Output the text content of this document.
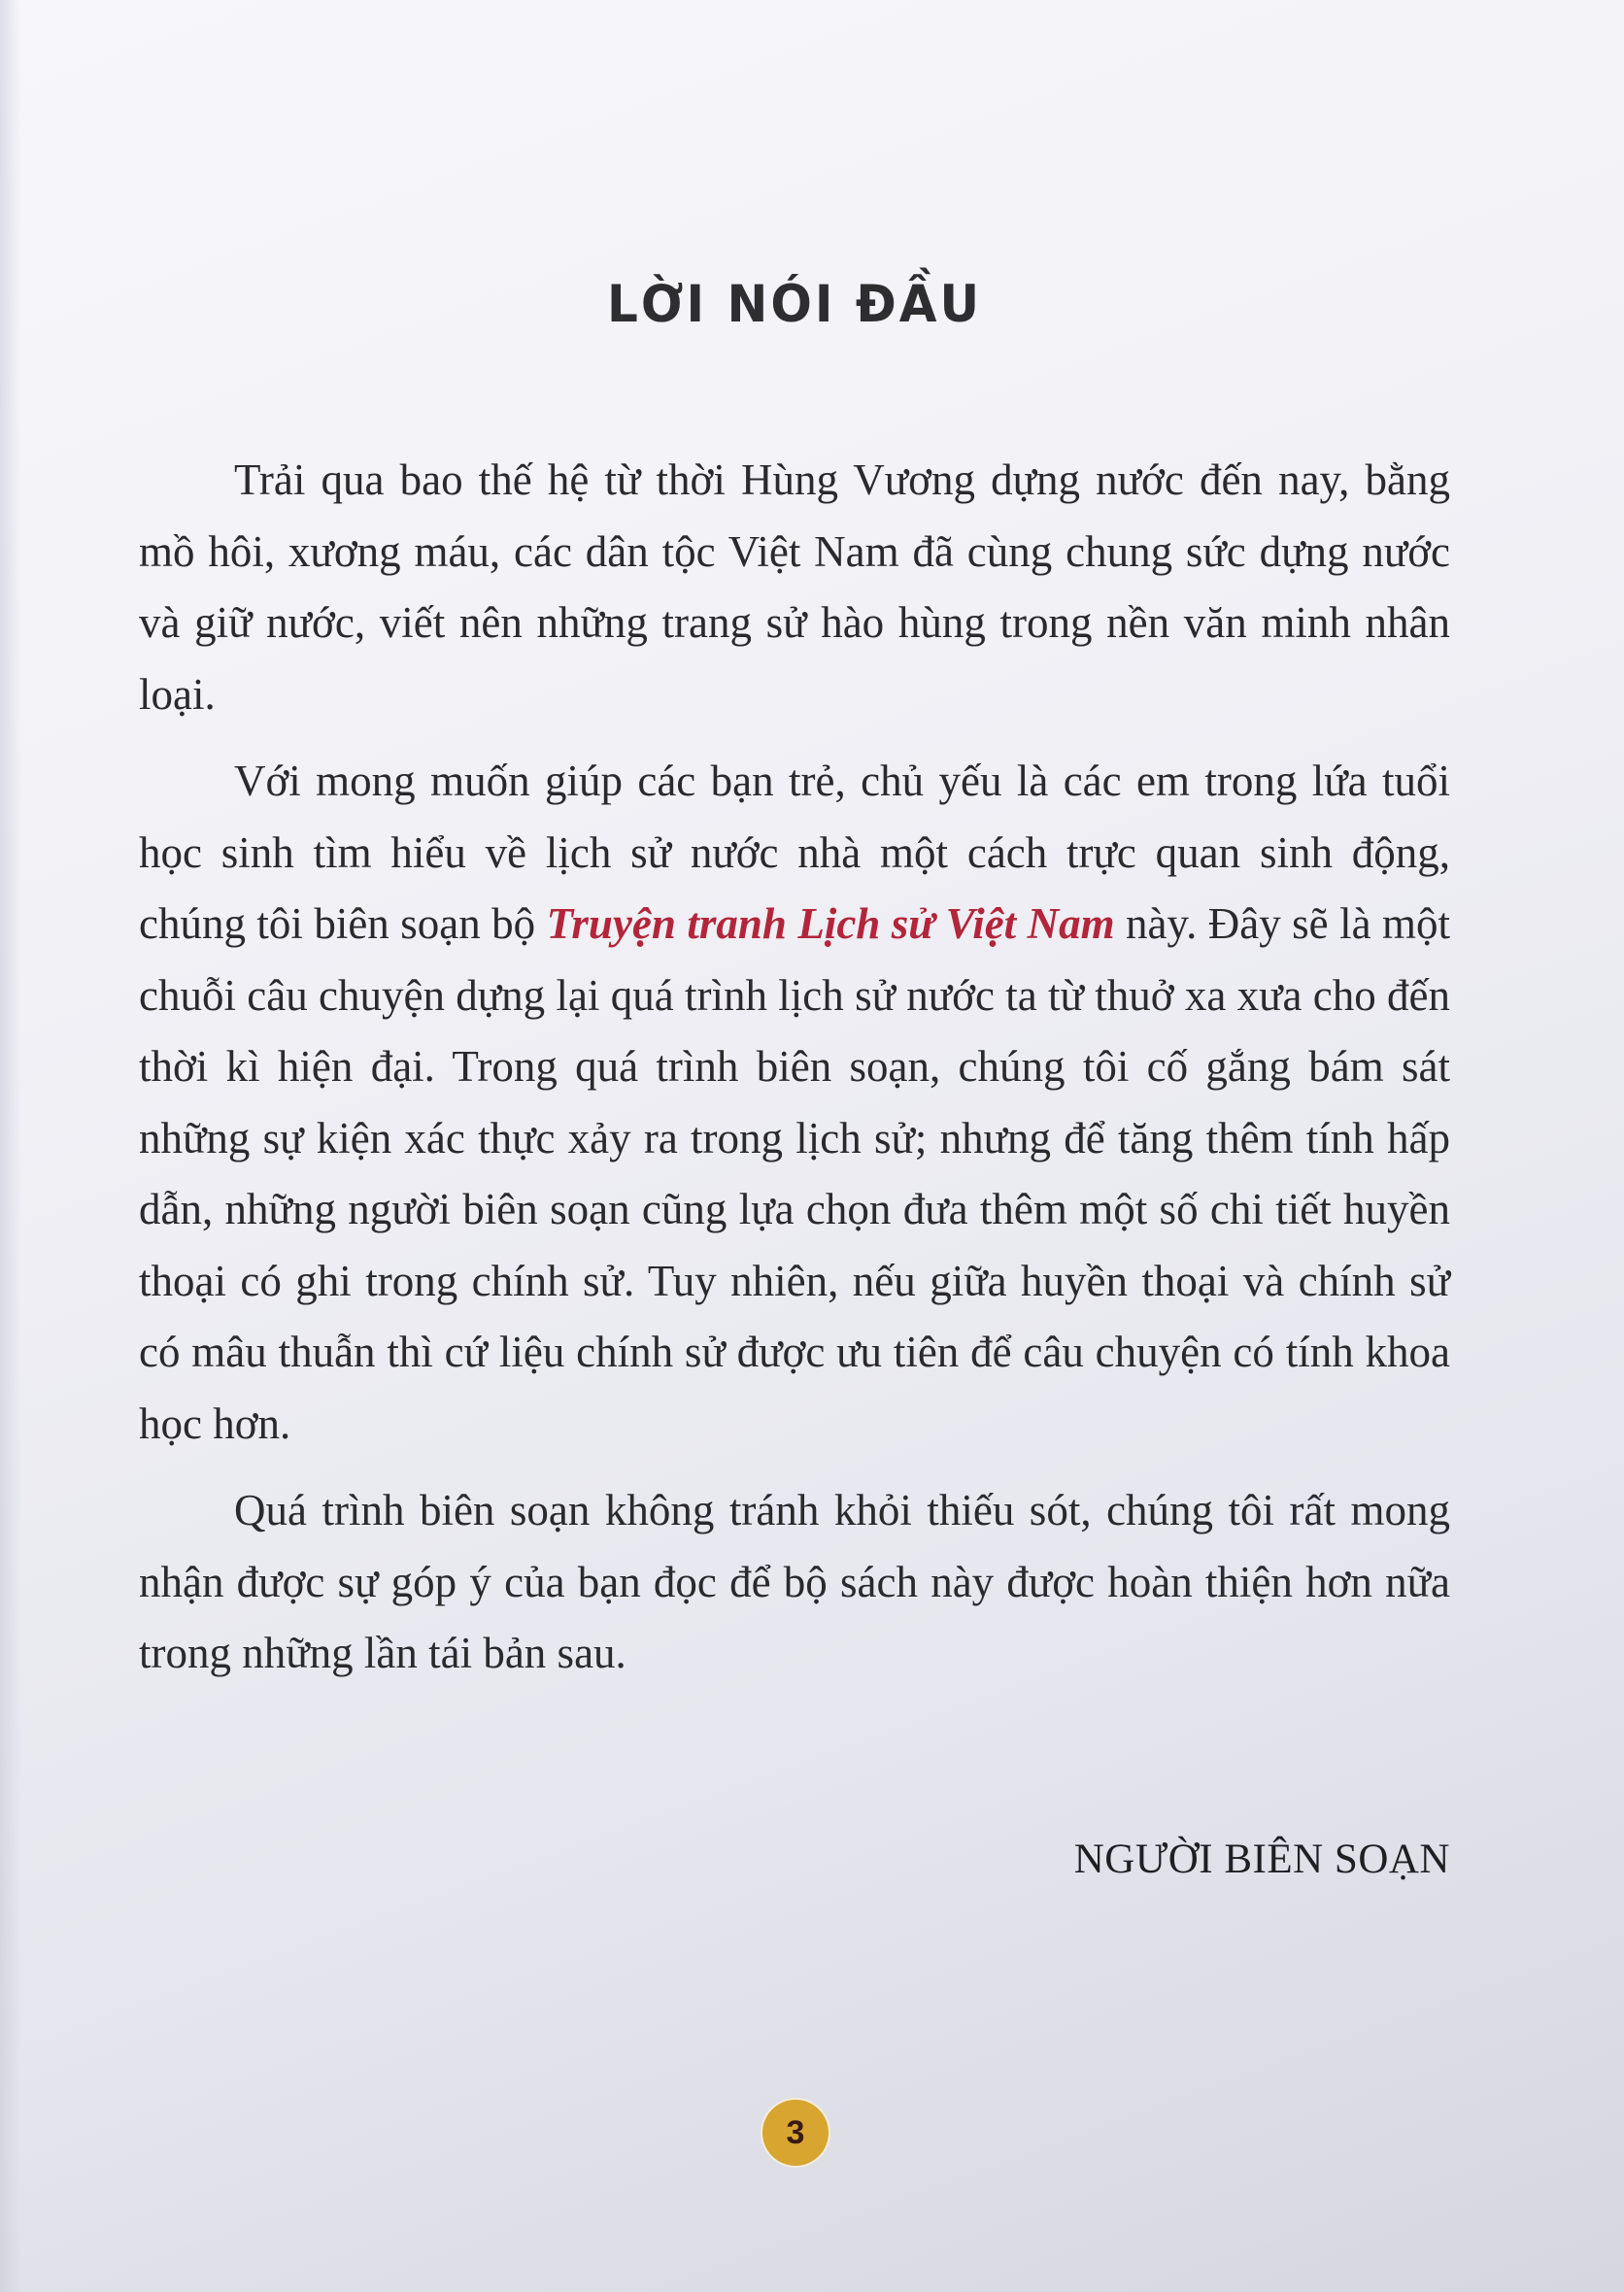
LỜI NÓI ĐẦU

Trải qua bao thế hệ từ thời Hùng Vương dựng nước đến nay, bằng mồ hôi, xương máu, các dân tộc Việt Nam đã cùng chung sức dựng nước và giữ nước, viết nên những trang sử hào hùng trong nền văn minh nhân loại.

Với mong muốn giúp các bạn trẻ, chủ yếu là các em trong lứa tuổi học sinh tìm hiểu về lịch sử nước nhà một cách trực quan sinh động, chúng tôi biên soạn bộ Truyện tranh Lịch sử Việt Nam này. Đây sẽ là một chuỗi câu chuyện dựng lại quá trình lịch sử nước ta từ thuở xa xưa cho đến thời kì hiện đại. Trong quá trình biên soạn, chúng tôi cố gắng bám sát những sự kiện xác thực xảy ra trong lịch sử; nhưng để tăng thêm tính hấp dẫn, những người biên soạn cũng lựa chọn đưa thêm một số chi tiết huyền thoại có ghi trong chính sử. Tuy nhiên, nếu giữa huyền thoại và chính sử có mâu thuẫn thì cứ liệu chính sử được ưu tiên để câu chuyện có tính khoa học hơn.

Quá trình biên soạn không tránh khỏi thiếu sót, chúng tôi rất mong nhận được sự góp ý của bạn đọc để bộ sách này được hoàn thiện hơn nữa trong những lần tái bản sau.

NGƯỜI BIÊN SOẠN
3
